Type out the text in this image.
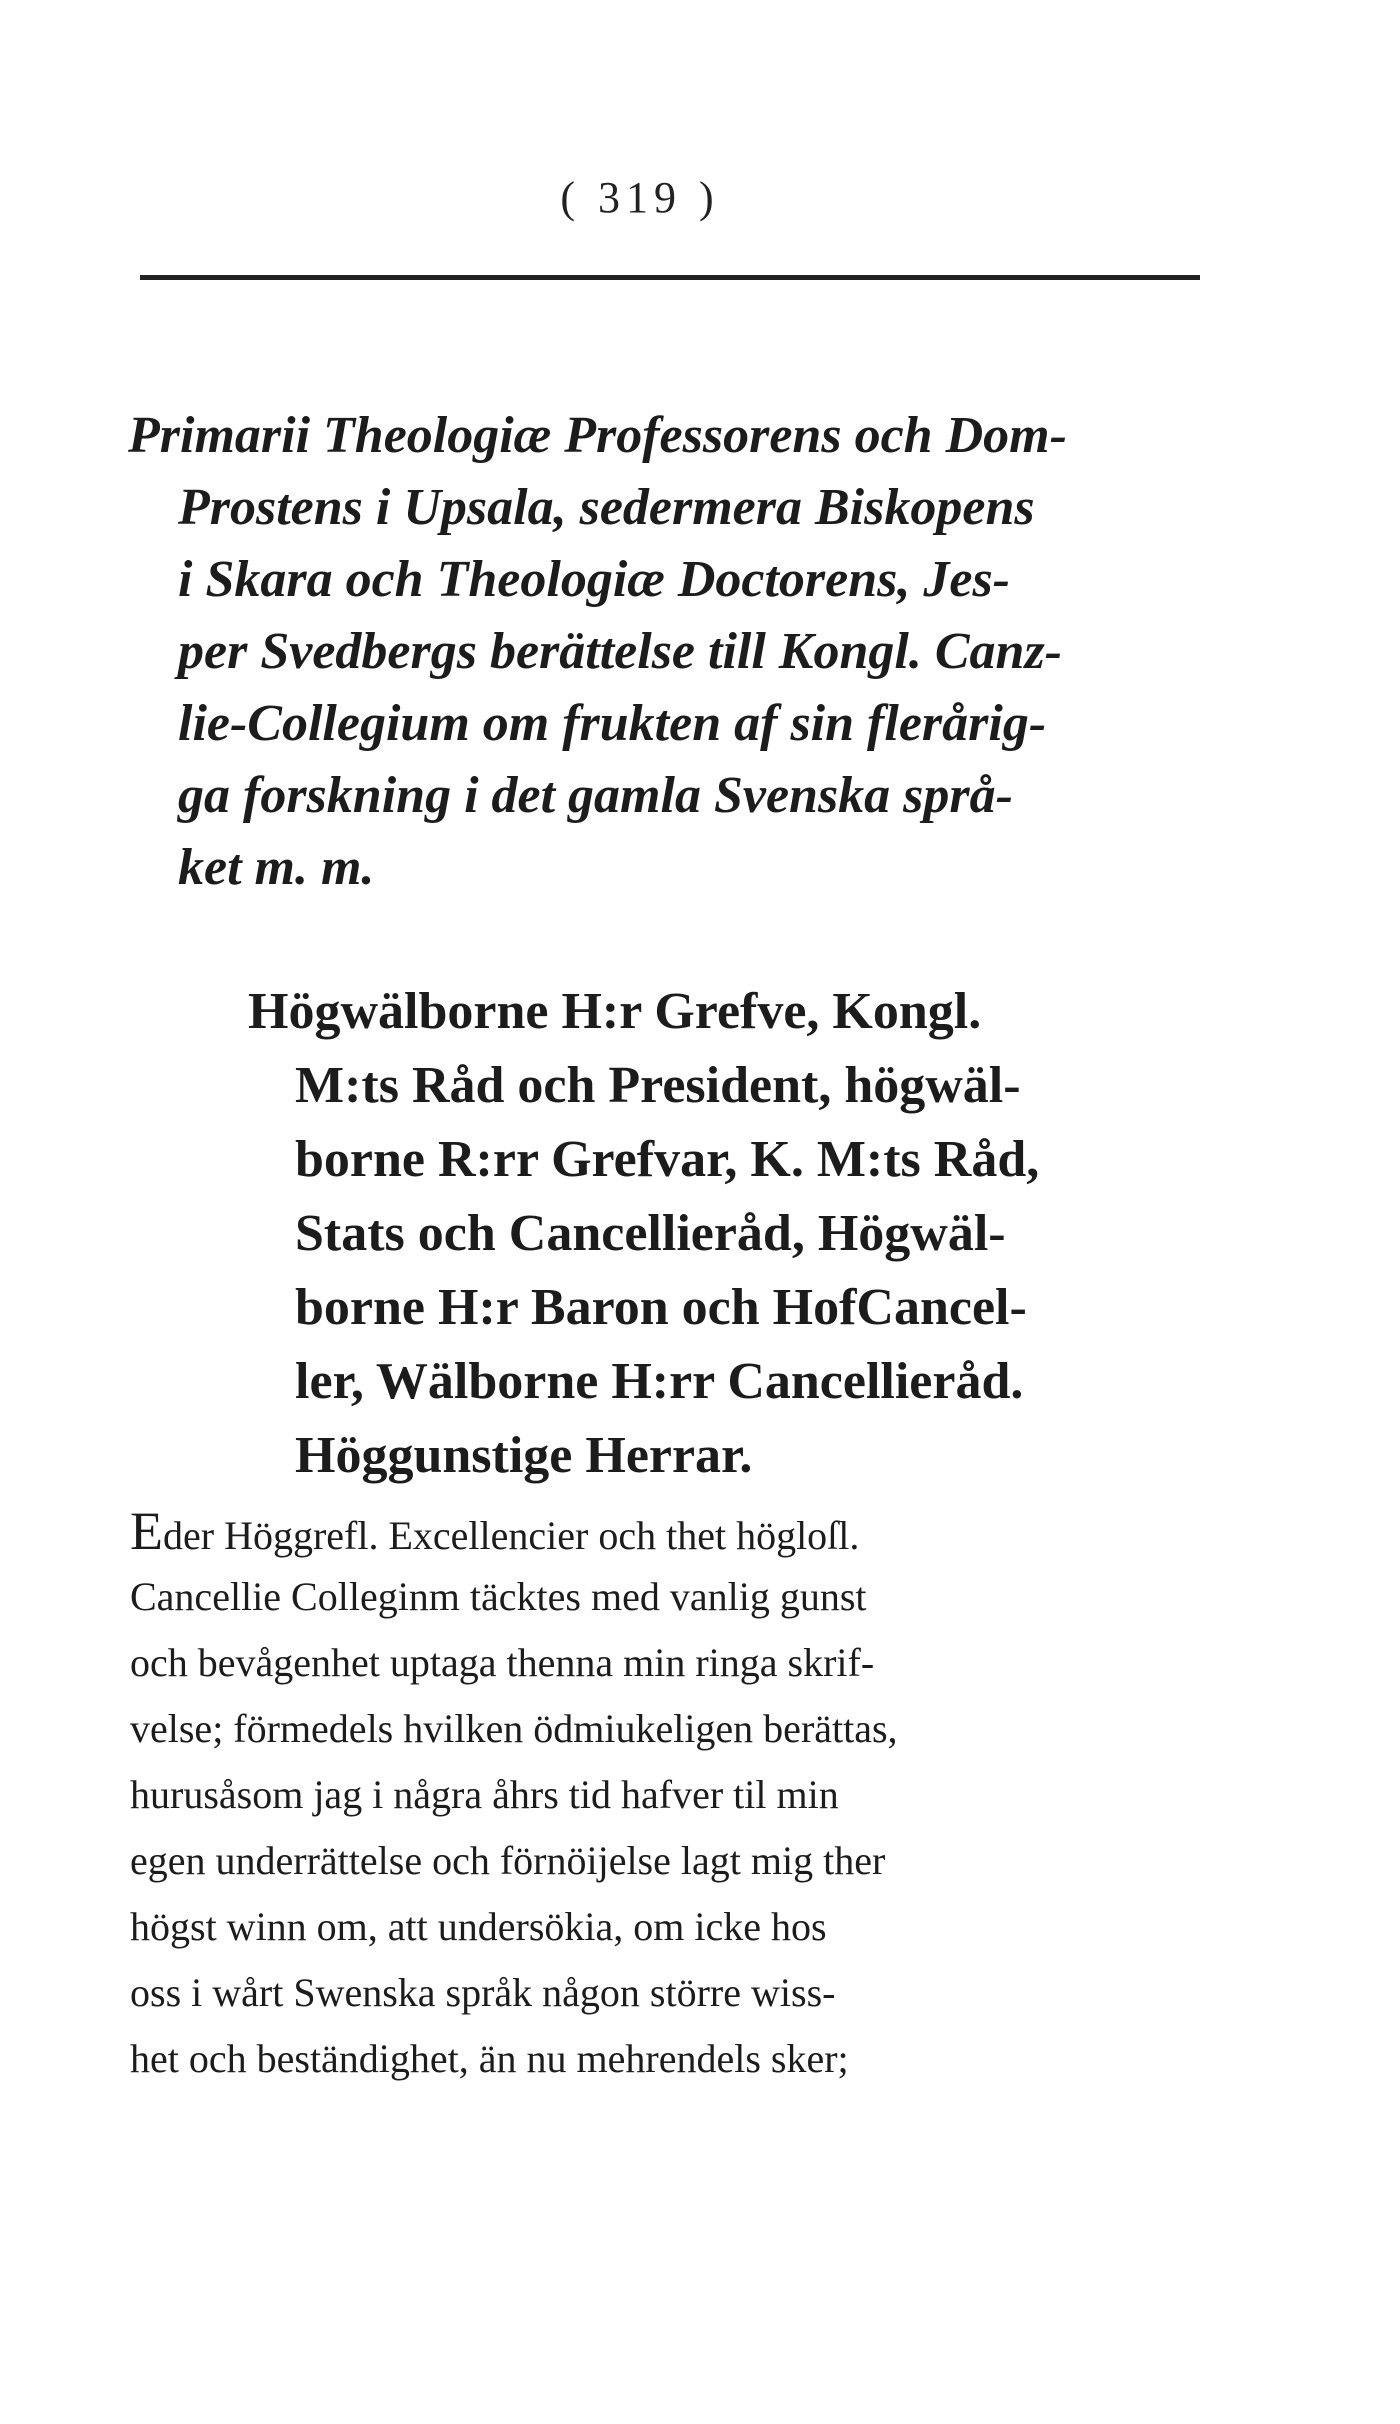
( 319 )
Primarii Theologiæ Professorens och Dom-
Prostens i Upsala, sedermera Biskopens
i Skara och Theologiæ Doctorens, Jes-
per Svedbergs berättelse till Kongl. Canz-
lie-Collegium om frukten af sin flerårig-
ga forskning i det gamla Svenska språ-
ket m. m.
Högwälborne H:r Grefve, Kongl.
M:ts Råd och President, högwäl-
borne R:rr Grefvar, K. M:ts Råd,
Stats och Cancellieråd, Högwäl-
borne H:r Baron och HofCancel-
ler, Wälborne H:rr Cancellieråd.
Höggunstige Herrar.
Eder Höggrefl. Excellencier och thet högloſl.
Cancellie Colleginm täcktes med vanlig gunst
och bevågenhet uptaga thenna min ringa skrif-
velse; förmedels hvilken ödmiukeligen berättas,
hurusåsom jag i några åhrs tid hafver til min
egen underrättelse och förnöijelse lagt mig ther
högst winn om, att undersökia, om icke hos
oss i wårt Swenska språk någon större wiss-
het och beständighet, än nu mehrendels sker;
